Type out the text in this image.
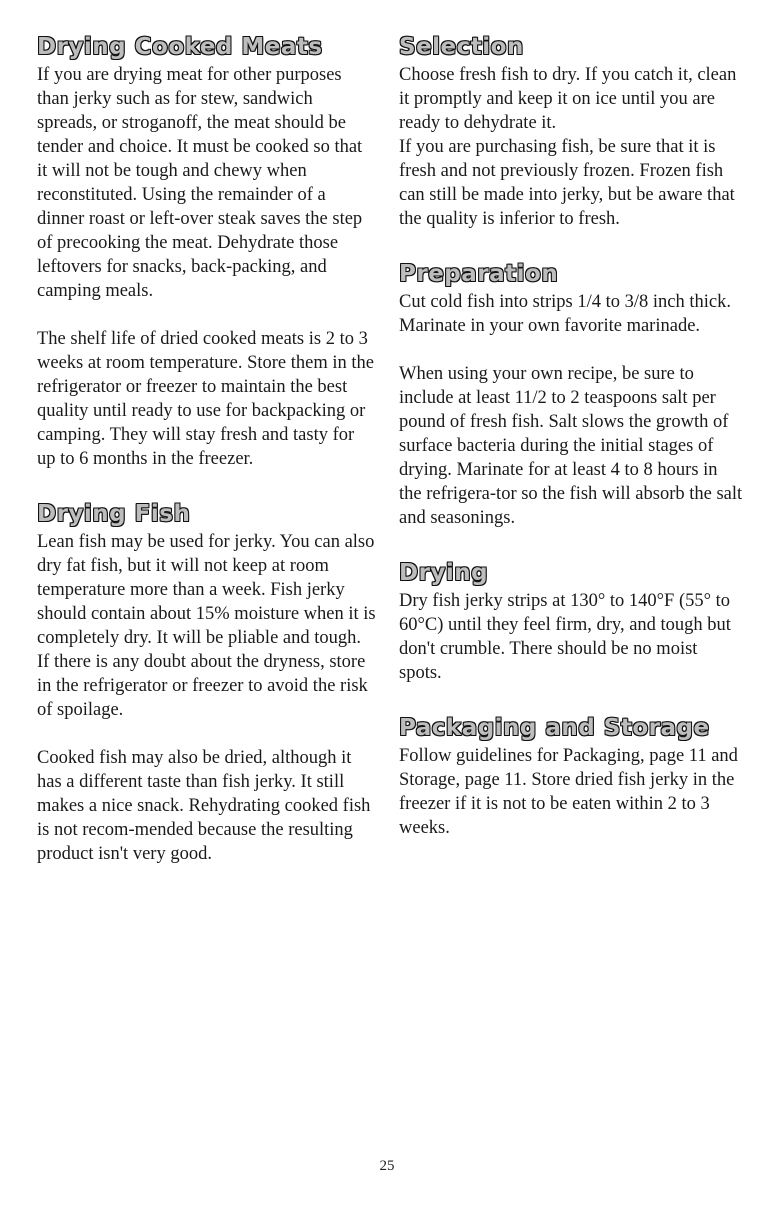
Drying Cooked Meats

If you are drying meat for other purposes than jerky such as for stew, sandwich spreads, or stroganoff, the meat should be tender and choice. It must be cooked so that it will not be tough and chewy when reconstituted. Using the remainder of a dinner roast or left-over steak saves the step of precooking the meat. Dehydrate those leftovers for snacks, back-packing, and camping meals.

The shelf life of dried cooked meats is 2 to 3 weeks at room temperature. Store them in the refrigerator or freezer to maintain the best quality until ready to use for backpacking or camping. They will stay fresh and tasty for up to 6 months in the freezer.

Drying Fish

Lean fish may be used for jerky. You can also dry fat fish, but it will not keep at room temperature more than a week. Fish jerky should contain about 15% moisture when it is completely dry. It will be pliable and tough. If there is any doubt about the dryness, store in the refrigerator or freezer to avoid the risk of spoilage.

Cooked fish may also be dried, although it has a different taste than fish jerky. It still makes a nice snack. Rehydrating cooked fish is not recom-mended because the resulting product isn't very good.

Selection

Choose fresh fish to dry. If you catch it, clean it promptly and keep it on ice until you are ready to dehydrate it.

If you are purchasing fish, be sure that it is fresh and not previously frozen. Frozen fish can still be made into jerky, but be aware that the quality is inferior to fresh.

Preparation

Cut cold fish into strips 1/4 to 3/8 inch thick. Marinate in your own favorite marinade.

When using your own recipe, be sure to include at least 11/2 to 2 teaspoons salt per pound of fresh fish. Salt slows the growth of surface bacteria during the initial stages of drying. Marinate for at least 4 to 8 hours in the refrigera-tor so the fish will absorb the salt and seasonings.

Drying

Dry fish jerky strips at 130° to 140°F (55° to 60°C) until they feel firm, dry, and tough but don't crumble. There should be no moist spots.

Packaging and Storage

Follow guidelines for Packaging, page 11 and Storage, page 11. Store dried fish jerky in the freezer if it is not to be eaten within 2 to 3 weeks.

25
